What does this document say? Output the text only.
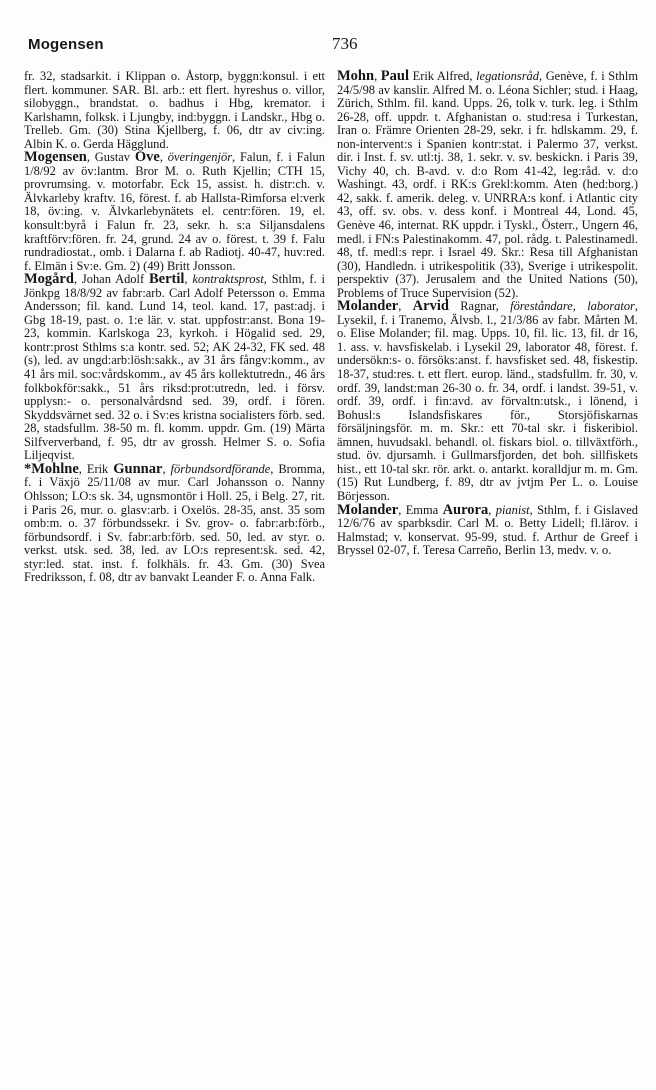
Mogensen	736

fr. 32, stadsarkit. i Klippan o. Åstorp, byggn:konsul. i ett flert. kommuner. SAR. Bl. arb.: ett flert. hyreshus o. villor, silobyggn., brandstat. o. badhus i Hbg, kremator. i Karlshamn, folksk. i Ljungby, ind:byggn. i Landskr., Hbg o. Trelleb. Gm. (30) Stina Kjellberg, f. 06, dtr av civ:ing. Albin K. o. Gerda Hägglund.

Mogensen, Gustav Ove, överingenjör, Falun, f. i Falun 1/8/92 av öv:lantm. Bror M. o. Ruth Kjellin; CTH 15, provrumsing. v. motorfabr. Eck 15, assist. h. distr:ch. v. Älvkarleby kraftv. 16, förest. f. ab Hallsta-Rimforsa el:verk 18, öv:ing. v. Älvkarlebynätets el. centr:fören. 19, el. konsult:byrå i Falun fr. 23, sekr. h. s:a Siljansdalens kraftförv:fören. fr. 24, grund. 24 av o. förest. t. 39 f. Falu rundradiostat., omb. i Dalarna f. ab Radiotj. 40-47, huv:red. f. Elmän i Sv:e. Gm. 2) (49) Britt Jonsson.

Mogård, Johan Adolf Bertil, kontraktsprost, Sthlm, f. i Jönkpg 18/8/92 av fabr:arb. Carl Adolf Petersson o. Emma Andersson; fil. kand. Lund 14, teol. kand. 17, past:adj. i Gbg 18-19, past. o. 1:e lär. v. stat. uppfostr:anst. Bona 19-23, kommin. Karlskoga 23, kyrkoh. i Högalid sed. 29, kontr:prost Sthlms s:a kontr. sed. 52; AK 24-32, FK sed. 48 (s), led. av ungd:arb:lösh:sakk., av 31 års fångv:komm., av 41 års mil. soc:vårdskomm., av 45 års kollektutredn., 46 års folkbokför:sakk., 51 års riksd:prot:utredn, led. i försv. upplysn:- o. personalvårdsnd sed. 39, ordf. i fören. Skyddsvärnet sed. 32 o. i Sv:es kristna socialisters förb. sed. 28, stadsfullm. 38-50 m. fl. komm. uppdr. Gm. (19) Märta Silfververband, f. 95, dtr av grossh. Helmer S. o. Sofia Liljeqvist.

*Mohlne, Erik Gunnar, förbundsordförande, Bromma, f. i Växjö 25/11/08 av mur. Carl Johansson o. Nanny Ohlsson; LO:s sk. 34, ugnsmontör i Holl. 25, i Belg. 27, rit. i Paris 26, mur. o. glasv:arb. i Oxelös. 28-35, anst. 35 som omb:m. o. 37 förbundssekr. i Sv. grov- o. fabr:arb:förb., förbundsordf. i Sv. fabr:arb:förb. sed. 50, led. av styr. o. verkst. utsk. sed. 38, led. av LO:s represent:sk. sed. 42, styr:led. stat. inst. f. folkhäls. fr. 43. Gm. (30) Svea Fredriksson, f. 08, dtr av banvakt Leander F. o. Anna Falk.

Mohn, Paul Erik Alfred, legationsråd, Genève, f. i Sthlm 24/5/98 av kanslir. Alfred M. o. Léona Sichler; stud. i Haag, Zürich, Sthlm. fil. kand. Upps. 26, tolk v. turk. leg. i Sthlm 26-28, off. uppdr. t. Afghanistan o. stud:resa i Turkestan, Iran o. Främre Orienten 28-29, sekr. i fr. hdlskamm. 29, f. non-intervent:s i Spanien kontr:stat. i Palermo 37, verkst. dir. i Inst. f. sv. utl:tj. 38, 1. sekr. v. sv. beskickn. i Paris 39, Vichy 40, ch. B-avd. v. d:o Rom 41-42, leg:råd. v. d:o Washingt. 43, ordf. i RK:s Grekl:komm. Aten (hed:borg.) 42, sakk. f. amerik. deleg. v. UNRRA:s konf. i Atlantic city 43, off. sv. obs. v. dess konf. i Montreal 44, Lond. 45, Genève 46, internat. RK uppdr. i Tyskl., Österr., Ungern 46, medl. i FN:s Palestinakomm. 47, pol. rådg. t. Palestinamedl. 48, tf. medl:s repr. i Israel 49. Skr.: Resa till Afghanistan (30), Handledn. i utrikespolitik (33), Sverige i utrikespolit. perspektiv (37). Jerusalem and the United Nations (50), Problems of Truce Supervision (52).

Molander, Arvid Ragnar, föreståndare, laborator, Lysekil, f. i Tranemo, Älvsb. l., 21/3/86 av fabr. Mårten M. o. Elise Molander; fil. mag. Upps. 10, fil. lic. 13, fil. dr 16, 1. ass. v. havsfiskelab. i Lysekil 29, laborator 48, förest. f. undersökn:s- o. försöks:anst. f. havsfisket sed. 48, fiskestip. 18-37, stud:res. t. ett flert. europ. länd., stadsfullm. fr. 30, v. ordf. 39, landst:man 26-30 o. fr. 34, ordf. i landst. 39-51, v. ordf. 39, ordf. i fin:avd. av förvaltn:utsk., i lönend, i Bohusl:s Islandsfiskares för., Storsjöfiskarnas försäljningsför. m. m. Skr.: ett 70-tal skr. i fiskeribiol. ämnen, huvudsakl. behandl. ol. fiskars biol. o. tillväxtförh., stud. öv. djursamh. i Gullmarsfjorden, det boh. sillfiskets hist., ett 10-tal skr. rör. arkt. o. antarkt. koralldjur m. m. Gm. (15) Rut Lundberg, f. 89, dtr av jvtjm Per L. o. Louise Börjesson.

Molander, Emma Aurora, pianist, Sthlm, f. i Gislaved 12/6/76 av sparbksdir. Carl M. o. Betty Lidell; fl.lärov. i Halmstad; v. konservat. 95-99, stud. f. Arthur de Greef i Bryssel 02-07, f. Teresa Carreño, Berlin 13, medv. v. o.
